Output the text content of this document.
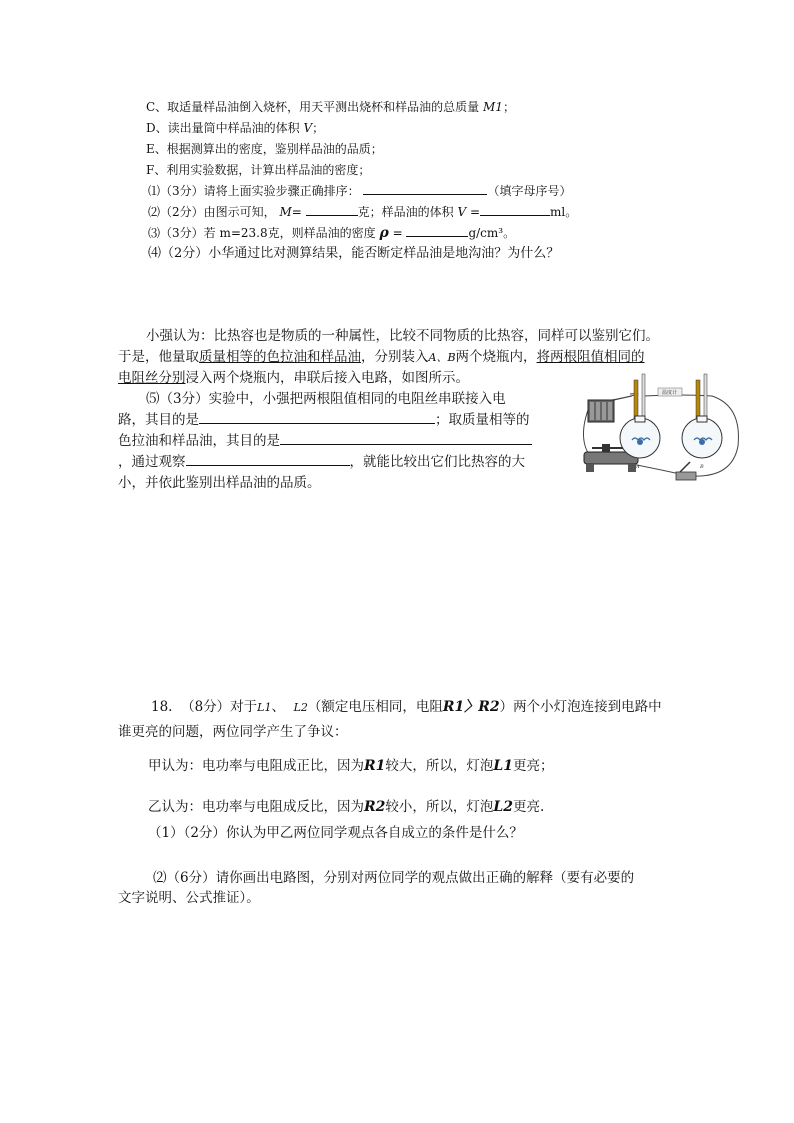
C、取适量样品油倒入烧杯，用天平测出烧杯和样品油的总质量 M1；
D、读出量筒中样品油的体积 V；
E、根据测算出的密度，鉴别样品油的品质；
F、利用实验数据，计算出样品油的密度；
⑴（3分）请将上面实验步骤正确排序：	（填字母序号）
⑵（2分）由图示可知， M=	克；样品油的体积 V =	ml。
⑶（3分）若 m=23.8克，则样品油的密度 ρ =	g/cm³。
⑷（2分）小华通过比对测算结果，能否断定样品油是地沟油？为什么？
小强认为：比热容也是物质的一种属性，比较不同物质的比热容，同样可以鉴别它们。
于是，他量取质量相等的色拉油和样品油，分别装入A、B两个烧瓶内，将两根阻值相同的
电阻丝分别浸入两个烧瓶内，串联后接入电路，如图所示。
⑸（3分）实验中，小强把两根阻值相同的电阻丝串联接入电
路，其目的是	；取质量相等的
色拉油和样品油，其目的是
，通过观察	，就能比较出它们比热容的大
小，并依此鉴别出样品油的品质。
A	B
温度计
18. （8分）对于L1、 L2（额定电压相同，电阻R1〉R2）两个小灯泡连接到电路中
谁更亮的问题，两位同学产生了争议：
甲认为：电功率与电阻成正比，因为R1较大，所以，灯泡L1更亮；
乙认为：电功率与电阻成反比，因为R2较小，所以，灯泡L2更亮.
（1）（2分）你认为甲乙两位同学观点各自成立的条件是什么？
⑵（6分）请你画出电路图，分别对两位同学的观点做出正确的解释（要有必要的
文字说明、公式推证）。
